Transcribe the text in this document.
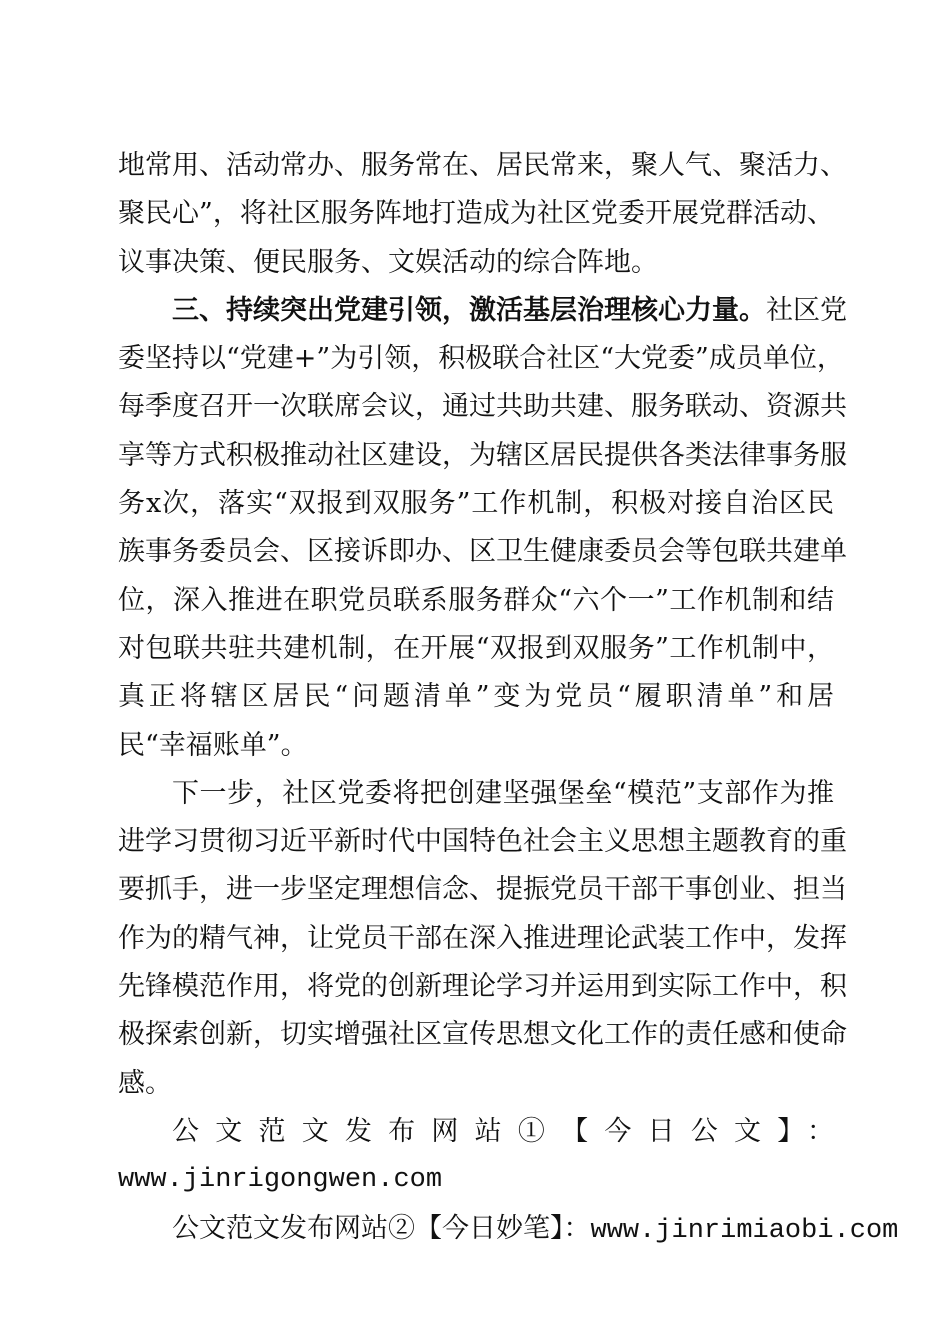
地常用、活动常办、服务常在、居民常来，聚人气、聚活力、
聚民心”，将社区服务阵地打造成为社区党委开展党群活动、
议事决策、便民服务、文娱活动的综合阵地。
三、持续突出党建引领，激活基层治理核心力量。社区党
委坚持以“党建+”为引领，积极联合社区“大党委”成员单位，
每季度召开一次联席会议，通过共助共建、服务联动、资源共
享等方式积极推动社区建设，为辖区居民提供各类法律事务服
务x次，落实“双报到双服务”工作机制，积极对接自治区民
族事务委员会、区接诉即办、区卫生健康委员会等包联共建单
位，深入推进在职党员联系服务群众“六个一”工作机制和结
对包联共驻共建机制，在开展“双报到双服务”工作机制中，
真正将辖区居民“问题清单”变为党员“履职清单”和居
民“幸福账单”。
下一步，社区党委将把创建坚强堡垒“模范”支部作为推
进学习贯彻习近平新时代中国特色社会主义思想主题教育的重
要抓手，进一步坚定理想信念、提振党员干部干事创业、担当
作为的精气神，让党员干部在深入推进理论武装工作中，发挥
先锋模范作用，将党的创新理论学习并运用到实际工作中，积
极探索创新，切实增强社区宣传思想文化工作的责任感和使命
感。
公文范文发布网站①【今日公文】：
www.jinrigongwen.com
公文范文发布网站②【今日妙笔】：www.jinrimiaobi.com
